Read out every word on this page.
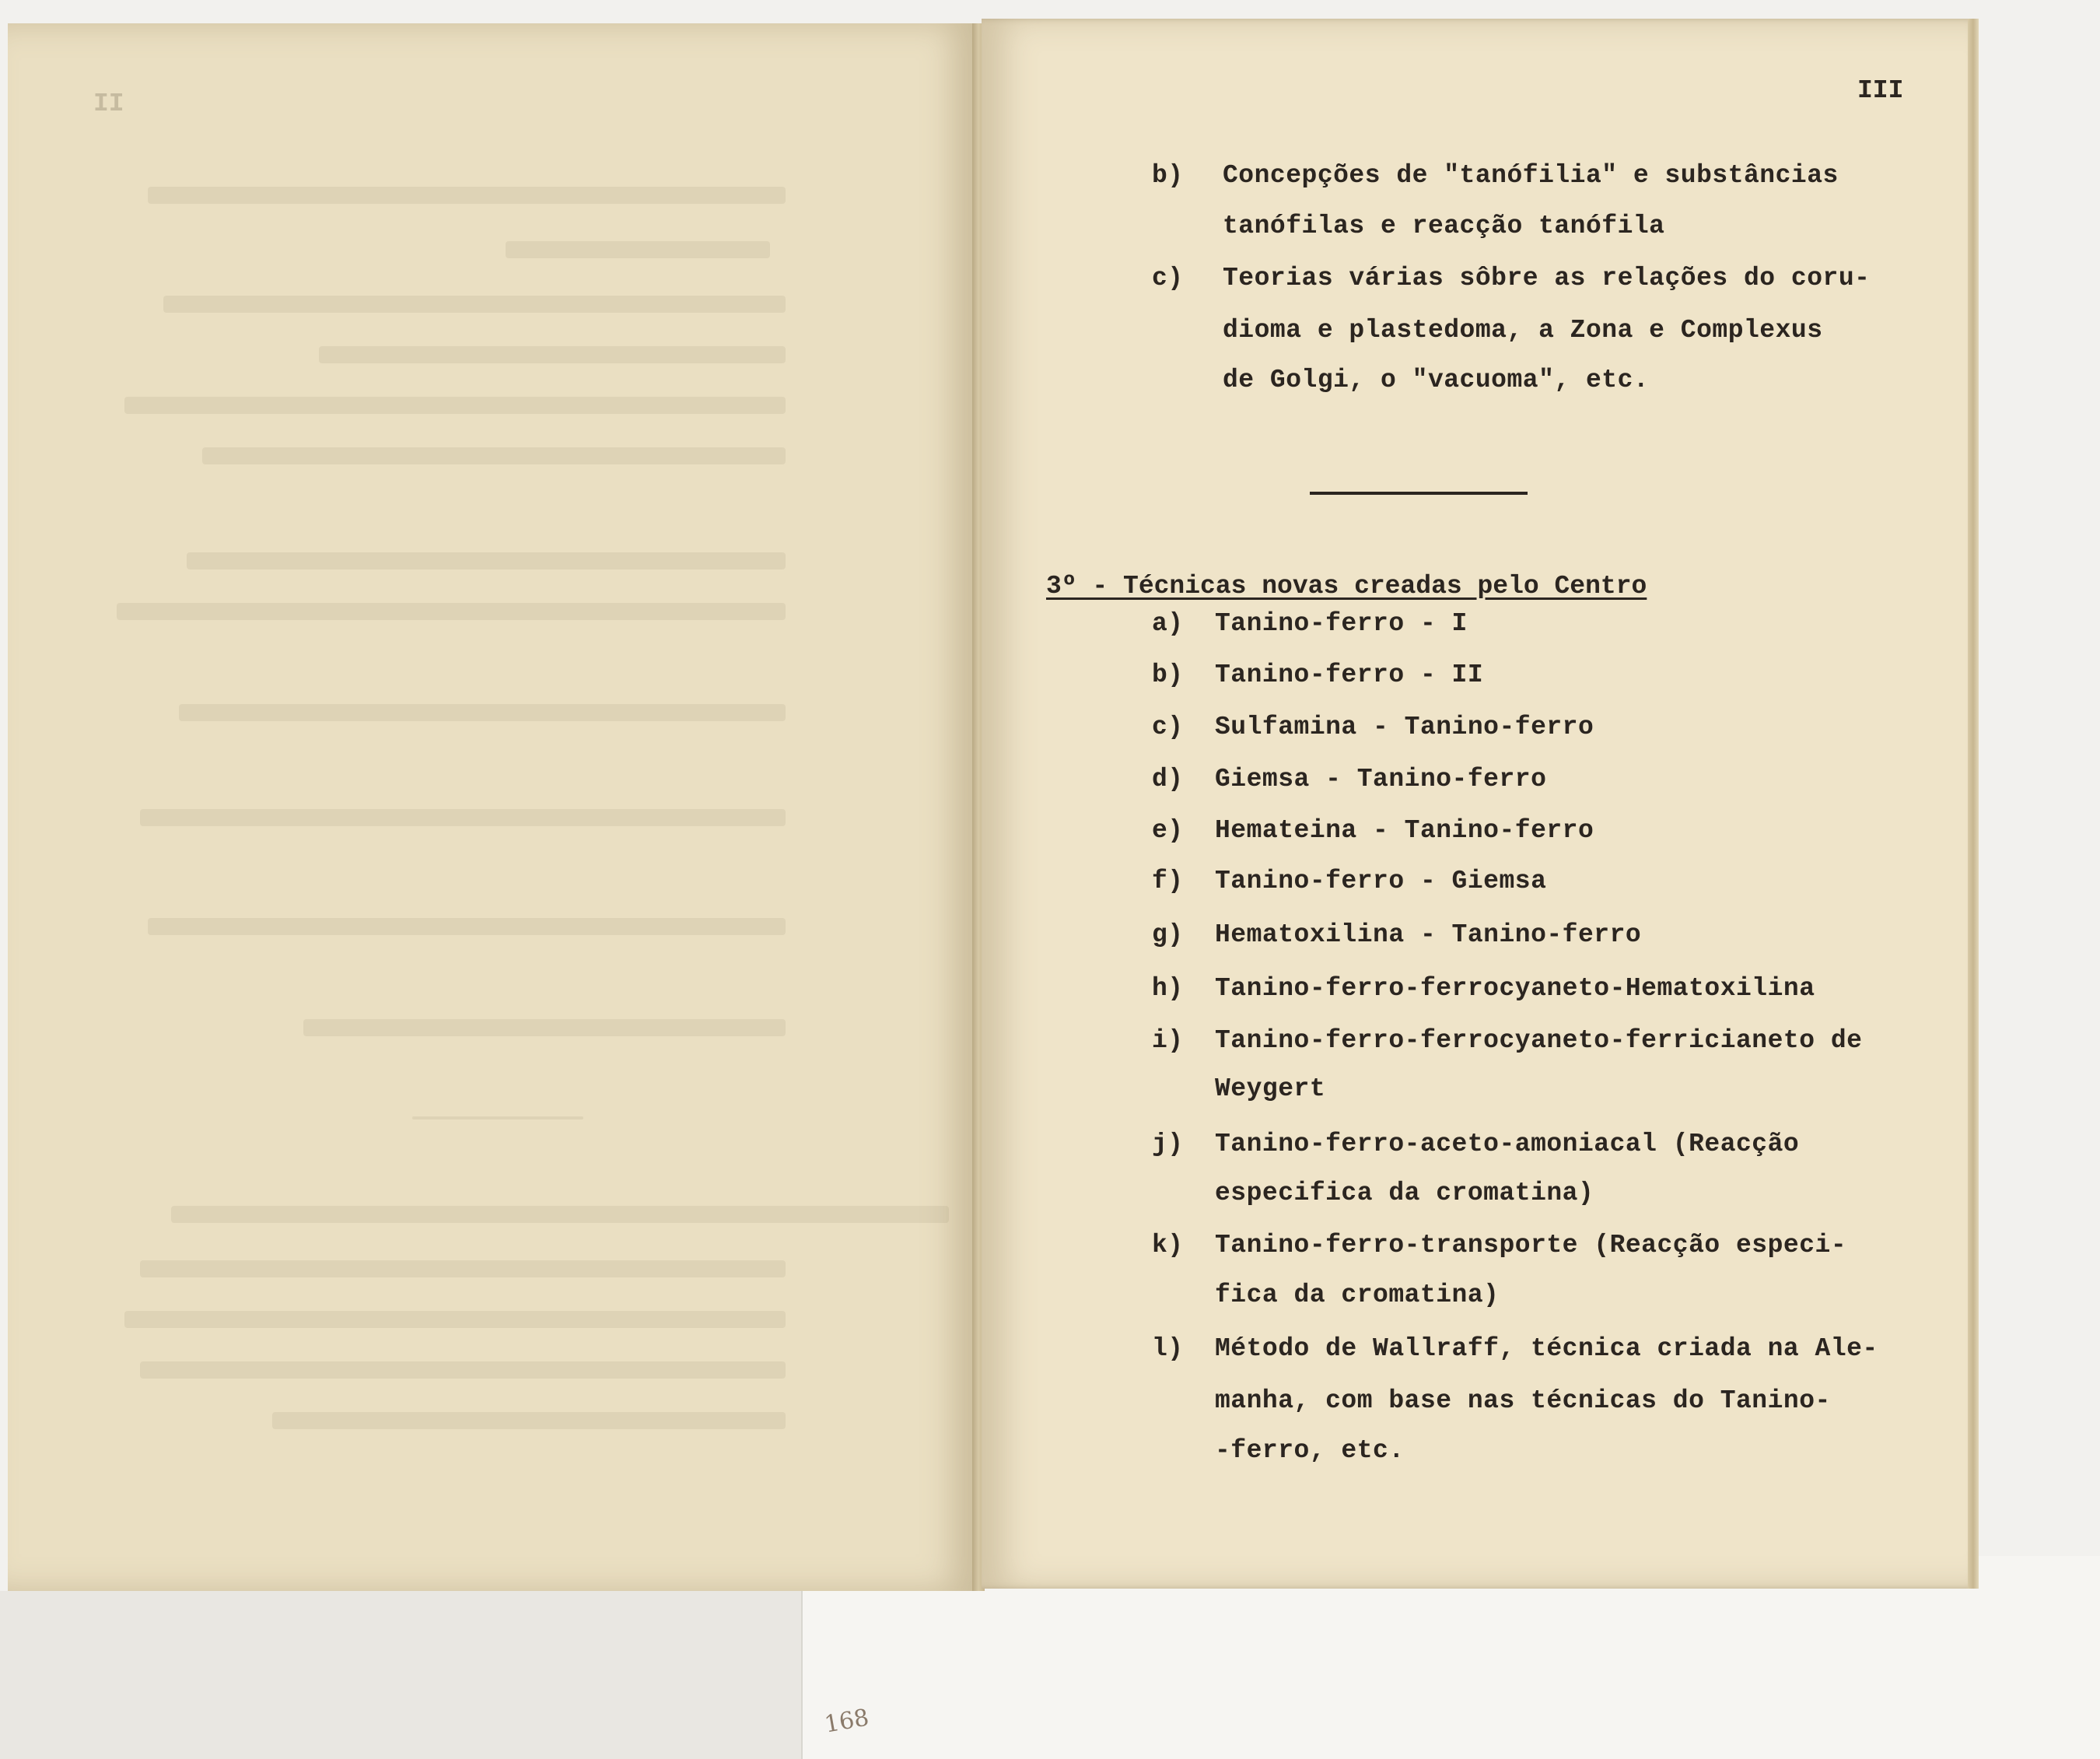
168
II	III
b) Concepções de "tanófilia" e substâncias
tanófilas e reacção tanófila
c) Teorias várias sôbre as relações do coru-
dioma e plastedoma, a Zona e Complexus
de Golgi, o "vacuoma", etc.
3º - Técnicas novas creadas pelo Centro
a) Tanino-ferro - I
b) Tanino-ferro - II
c) Sulfamina - Tanino-ferro
d) Giemsa - Tanino-ferro
e) Hemateina - Tanino-ferro
f) Tanino-ferro - Giemsa
g) Hematoxilina - Tanino-ferro
h) Tanino-ferro-ferrocyaneto-Hematoxilina
i) Tanino-ferro-ferrocyaneto-ferricianeto de
Weygert
j) Tanino-ferro-aceto-amoniacal (Reacção
especifica da cromatina)
k) Tanino-ferro-transporte (Reacção especi-
fica da cromatina)
l) Método de Wallraff, técnica criada na Ale-
manha, com base nas técnicas do Tanino-
-ferro, etc.
